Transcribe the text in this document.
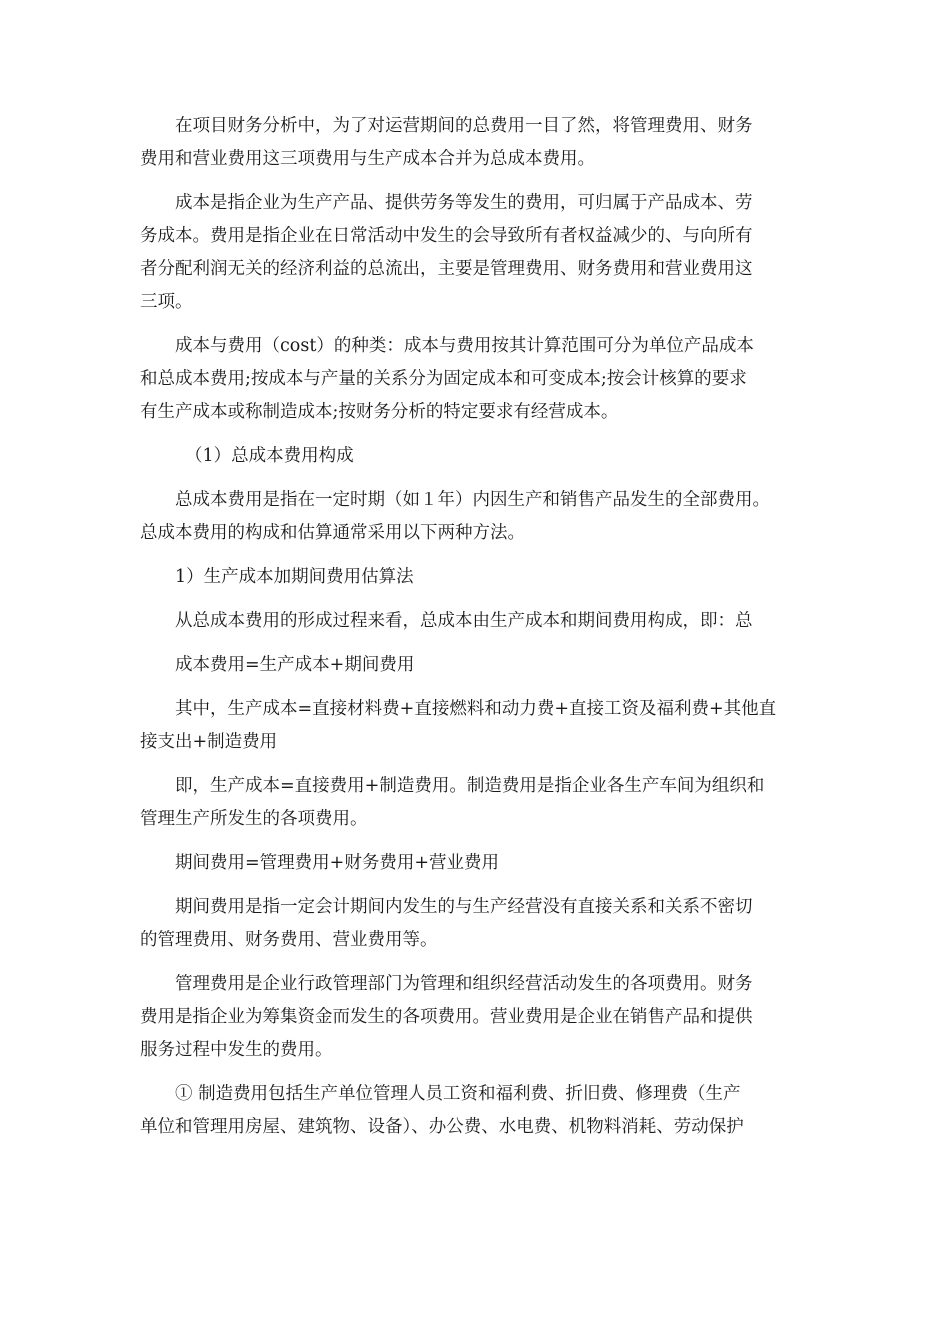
在项目财务分析中，为了对运营期间的总费用一目了然，将管理费用、财务
费用和营业费用这三项费用与生产成本合并为总成本费用。

成本是指企业为生产产品、提供劳务等发生的费用，可归属于产品成本、劳
务成本。费用是指企业在日常活动中发生的会导致所有者权益减少的、与向所有
者分配利润无关的经济利益的总流出，主要是管理费用、财务费用和营业费用这
三项。

成本与费用（cost）的种类：成本与费用按其计算范围可分为单位产品成本
和总成本费用;按成本与产量的关系分为固定成本和可变成本;按会计核算的要求
有生产成本或称制造成本;按财务分析的特定要求有经营成本。

（1）总成本费用构成

总成本费用是指在一定时期（如１年）内因生产和销售产品发生的全部费用。
总成本费用的构成和估算通常采用以下两种方法。

1）生产成本加期间费用估算法

从总成本费用的形成过程来看，总成本由生产成本和期间费用构成，即：总

成本费用=生产成本+期间费用

其中，生产成本=直接材料费+直接燃料和动力费+直接工资及福利费+其他直
接支出+制造费用

即，生产成本=直接费用+制造费用。制造费用是指企业各生产车间为组织和
管理生产所发生的各项费用。

期间费用=管理费用+财务费用+营业费用

期间费用是指一定会计期间内发生的与生产经营没有直接关系和关系不密切
的管理费用、财务费用、营业费用等。

管理费用是企业行政管理部门为管理和组织经营活动发生的各项费用。财务
费用是指企业为筹集资金而发生的各项费用。营业费用是企业在销售产品和提供
服务过程中发生的费用。

① 制造费用包括生产单位管理人员工资和福利费、折旧费、修理费（生产
单位和管理用房屋、建筑物、设备）、办公费、水电费、机物料消耗、劳动保护
